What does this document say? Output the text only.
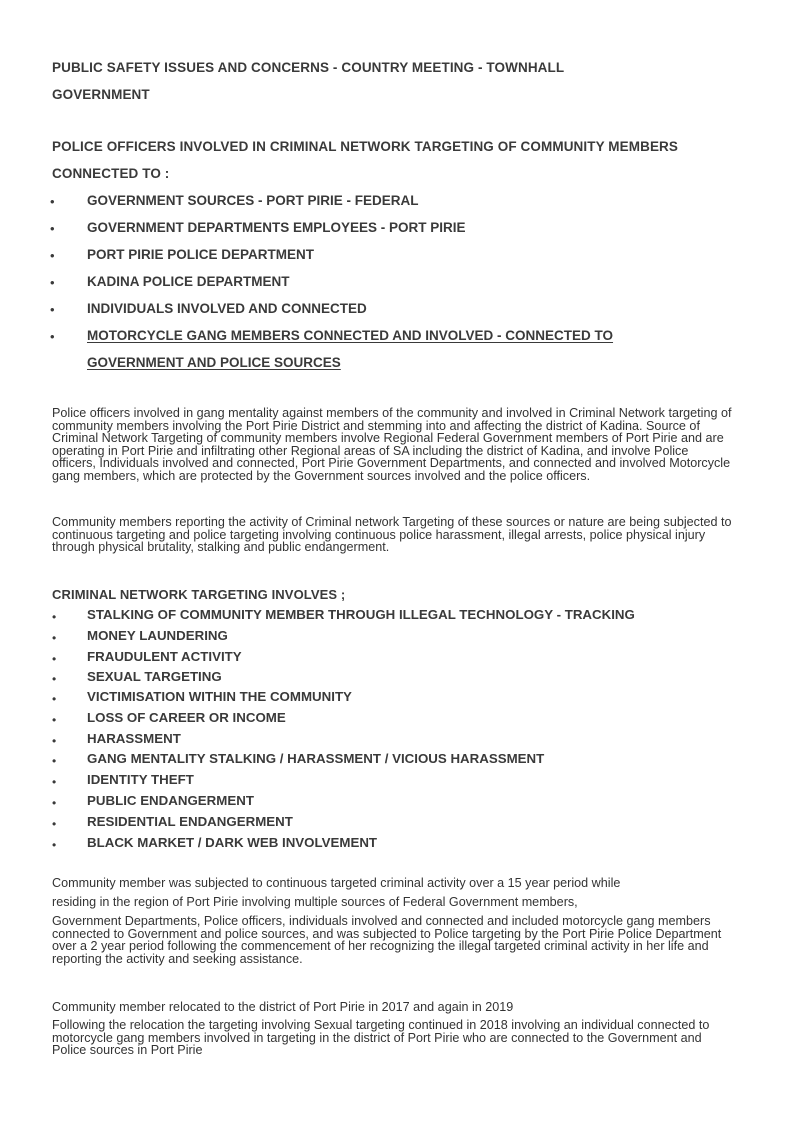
PUBLIC SAFETY ISSUES AND CONCERNS - COUNTRY MEETING - TOWNHALL
GOVERNMENT
POLICE OFFICERS INVOLVED IN CRIMINAL NETWORK TARGETING OF COMMUNITY MEMBERS
CONNECTED TO :
• GOVERNMENT SOURCES - PORT PIRIE - FEDERAL
• GOVERNMENT DEPARTMENTS EMPLOYEES - PORT PIRIE
• PORT PIRIE POLICE DEPARTMENT
• KADINA POLICE DEPARTMENT
• INDIVIDUALS INVOLVED AND CONNECTED
• MOTORCYCLE GANG MEMBERS CONNECTED AND INVOLVED - CONNECTED TO
GOVERNMENT AND POLICE SOURCES

Police officers involved in gang mentality against members of the community and involved in Criminal Network targeting of community members involving the Port Pirie District and stemming into and affecting the district of Kadina. Source of Criminal Network Targeting of community members involve Regional Federal Government members of Port Pirie and are operating in Port Pirie and infiltrating other Regional areas of SA including the district of Kadina, and involve Police officers, Individuals involved and connected, Port Pirie Government Departments, and connected and involved Motorcycle gang members, which are protected by the Government sources involved and the police officers.

Community members reporting the activity of Criminal network Targeting of these sources or nature are being subjected to continuous targeting and police targeting involving continuous police harassment, illegal arrests, police physical injury through physical brutality, stalking and public endangerment.

CRIMINAL NETWORK TARGETING INVOLVES ;
• STALKING OF COMMUNITY MEMBER THROUGH ILLEGAL TECHNOLOGY - TRACKING
• MONEY LAUNDERING
• FRAUDULENT ACTIVITY
• SEXUAL TARGETING
• VICTIMISATION WITHIN THE COMMUNITY
• LOSS OF CAREER OR INCOME
• HARASSMENT
• GANG MENTALITY STALKING / HARASSMENT / VICIOUS HARASSMENT
• IDENTITY THEFT
• PUBLIC ENDANGERMENT
• RESIDENTIAL ENDANGERMENT
• BLACK MARKET / DARK WEB INVOLVEMENT
Community member was subjected to continuous targeted criminal activity over a 15 year period while
residing in the region of Port Pirie involving multiple sources of Federal Government members,

Government Departments, Police officers, individuals involved and connected and included motorcycle gang members connected to Government and police sources, and was subjected to Police targeting by the Port Pirie Police Department over a 2 year period following the commencement of her recognizing the illegal targeted criminal activity in her life and reporting the activity and seeking assistance.

Community member relocated to the district of Port Pirie in 2017 and again in 2019

Following the relocation the targeting involving Sexual targeting continued in 2018 involving an individual connected to motorcycle gang members involved in targeting in the district of Port Pirie who are connected to the Government and Police sources in Port Pirie
